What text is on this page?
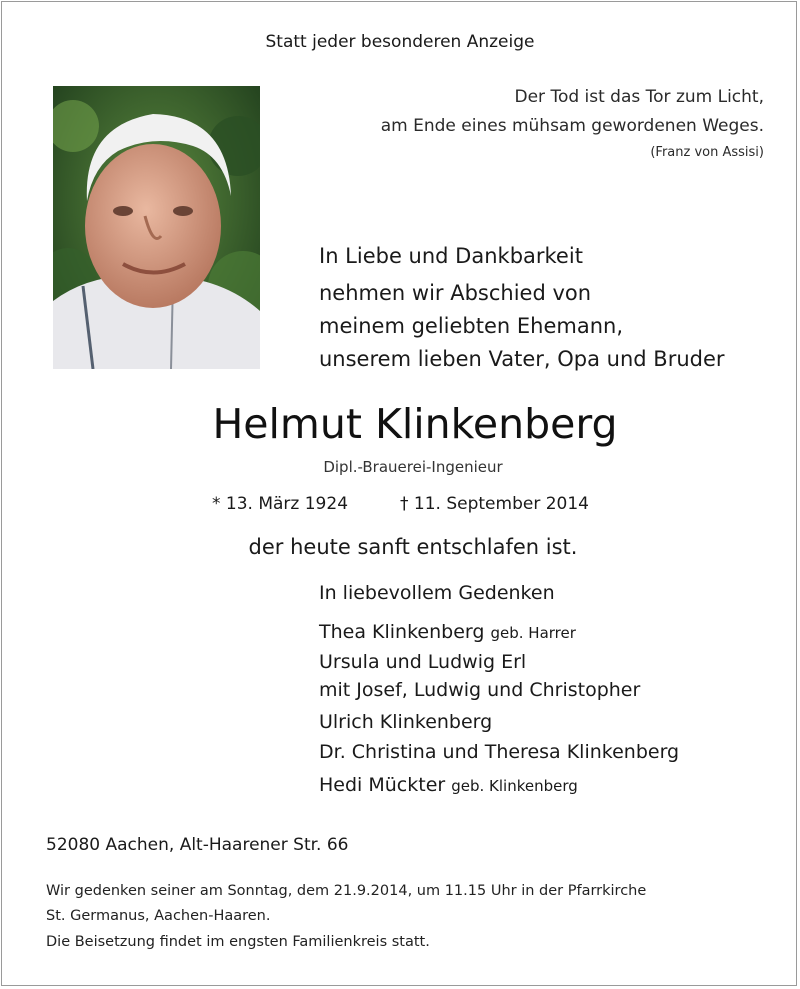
Statt jeder besonderen Anzeige
Der Tod ist das Tor zum Licht,
am Ende eines mühsam gewordenen Weges.
(Franz von Assisi)
In Liebe und Dankbarkeit
nehmen wir Abschied von
meinem geliebten Ehemann,
unserem lieben Vater, Opa und Bruder
Helmut Klinkenberg
Dipl.-Brauerei-Ingenieur
* 13. März 1924	† 11. September 2014
der heute sanft entschlafen ist.
In liebevollem Gedenken
Thea Klinkenberg geb. Harrer
Ursula und Ludwig Erl
mit Josef, Ludwig und Christopher
Ulrich Klinkenberg
Dr. Christina und Theresa Klinkenberg
Hedi Mückter geb. Klinkenberg
52080 Aachen, Alt-Haarener Str. 66
Wir gedenken seiner am Sonntag, dem 21.9.2014, um 11.15 Uhr in der Pfarrkirche
St. Germanus, Aachen-Haaren.
Die Beisetzung findet im engsten Familienkreis statt.
